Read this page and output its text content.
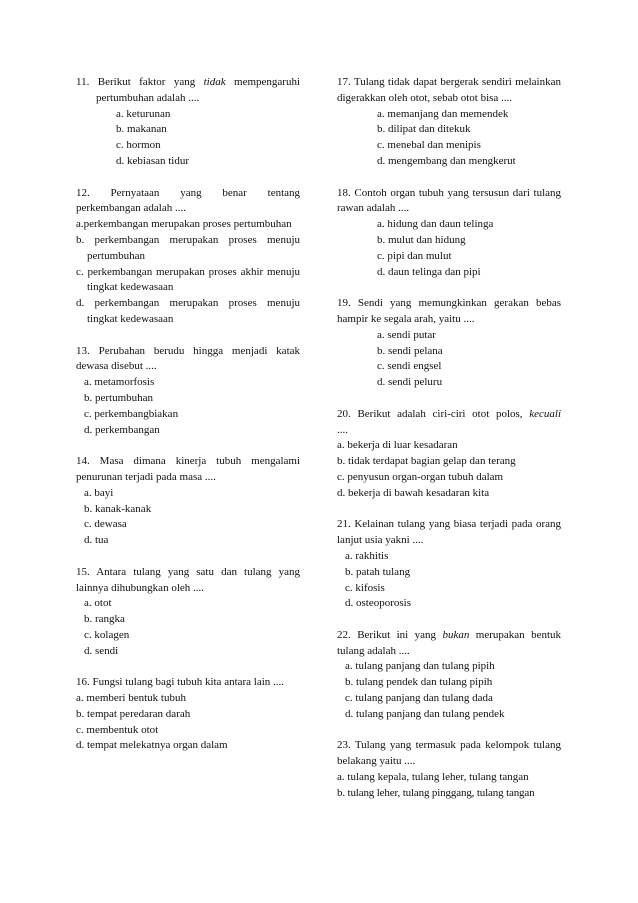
11. Berikut faktor yang tidak mempengaruhi
pertumbuhan adalah ....
a. keturunan
b. makanan
c. hormon
d. kebiasan tidur
12. Pernyataan yang benar tentang
perkembangan adalah ....
a.perkembangan merupakan proses pertumbuhan
b. perkembangan merupakan proses menuju pertumbuhan
c. perkembangan merupakan proses akhir menuju tingkat kedewasaan
d. perkembangan merupakan proses menuju tingkat kedewasaan
13. Perubahan berudu hingga menjadi katak dewasa disebut ....
a. metamorfosis
b. pertumbuhan
c. perkembangbiakan
d. perkembangan
14. Masa dimana kinerja tubuh mengalami penurunan terjadi pada masa ....
a. bayi
b. kanak-kanak
c. dewasa
d. tua
15. Antara tulang yang satu dan tulang yang lainnya dihubungkan oleh ....
a. otot
b. rangka
c. kolagen
d. sendi
16. Fungsi tulang bagi tubuh kita antara lain ....
a. memberi bentuk tubuh
b. tempat peredaran darah
c. membentuk otot
d. tempat melekatnya organ dalam
17. Tulang tidak dapat bergerak sendiri melainkan digerakkan oleh otot, sebab otot bisa ....
a. memanjang dan memendek
b. dilipat dan ditekuk
c. menebal dan menipis
d. mengembang dan mengkerut
18. Contoh organ tubuh yang tersusun dari tulang rawan adalah ....
a. hidung dan daun telinga
b. mulut dan hidung
c. pipi dan mulut
d. daun telinga dan pipi
19. Sendi yang memungkinkan gerakan bebas hampir ke segala arah, yaitu ....
a. sendi putar
b. sendi pelana
c. sendi engsel
d. sendi peluru
20. Berikut adalah ciri-ciri otot polos, kecuali
....
a. bekerja di luar kesadaran
b. tidak terdapat bagian gelap dan terang
c. penyusun organ-organ tubuh dalam
d. bekerja di bawah kesadaran kita
21. Kelainan tulang yang biasa terjadi pada orang lanjut usia yakni ....
a. rakhitis
b. patah tulang
c. kifosis
d. osteoporosis
22. Berikut ini yang bukan merupakan bentuk
tulang adalah ....
a. tulang panjang dan tulang pipih
b. tulang pendek dan tulang pipih
c. tulang panjang dan tulang dada
d. tulang panjang dan tulang pendek
23. Tulang yang termasuk pada kelompok tulang belakang yaitu ....
a. tulang kepala, tulang leher, tulang tangan
b. tulang leher, tulang pinggang, tulang tangan
